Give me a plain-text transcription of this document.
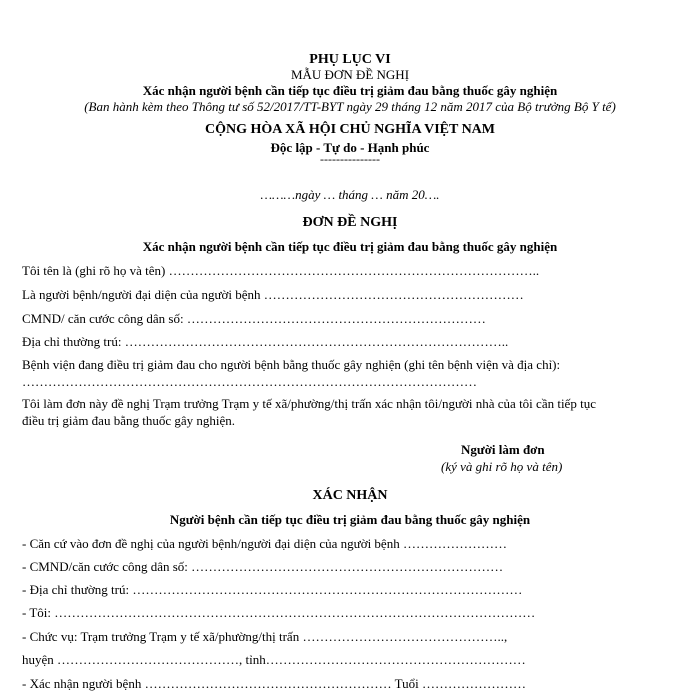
PHỤ LỤC VI
MẪU ĐƠN ĐỀ NGHỊ
Xác nhận người bệnh cần tiếp tục điều trị giảm đau bằng thuốc gây nghiện
(Ban hành kèm theo Thông tư số 52/2017/TT-BYT ngày 29 tháng 12 năm 2017 của Bộ trưởng Bộ Y tế)
CỘNG HÒA XÃ HỘI CHỦ NGHĨA VIỆT NAM
Độc lập - Tự do - Hạnh phúc
---------------
………ngày … tháng … năm 20….
ĐƠN ĐỀ NGHỊ
Xác nhận người bệnh cần tiếp tục điều trị giảm đau bằng thuốc gây nghiện
Tôi tên là (ghi rõ họ và tên) …………………………………………………………………………..
Là người bệnh/người đại diện của người bệnh ……………………………………………………
CMND/ căn cước công dân số: ……………………………………………………………
Địa chỉ thường trú: ……………………………………………………………………………..
Bệnh viện đang điều trị giảm đau cho người bệnh bằng thuốc gây nghiện (ghi tên bệnh viện và địa chỉ):
……………………………………………………………………………………………
Tôi làm đơn này đề nghị Trạm trưởng Trạm y tế xã/phường/thị trấn xác nhận tôi/người nhà của tôi cần tiếp tục
điều trị giảm đau bằng thuốc gây nghiện.
Người làm đơn
(ký và ghi rõ họ và tên)
XÁC NHẬN
Người bệnh cần tiếp tục điều trị giảm đau bằng thuốc gây nghiện
- Căn cứ vào đơn đề nghị của người bệnh/người đại diện của người bệnh ……………………
- CMND/căn cước công dân số: ………………………………………………………………
- Địa chỉ thường trú: ………………………………………………………………………………
- Tôi: …………………………………………………………………………………………………
- Chức vụ: Trạm trưởng Trạm y tế xã/phường/thị trấn ………………………………………..,
huyện ……………………………………, tỉnh……………………………………………………
- Xác nhận người bệnh ………………………………………………… Tuổi ……………………
